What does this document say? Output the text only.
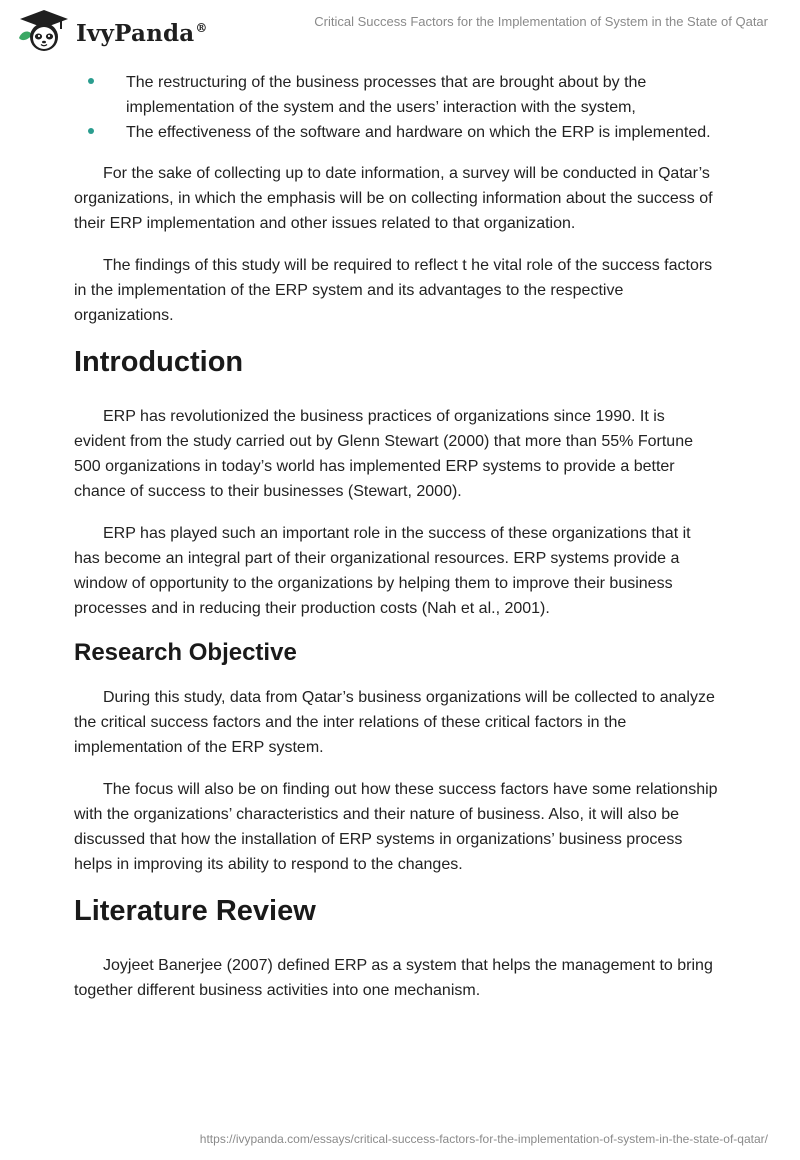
IvyPanda®	Critical Success Factors for the Implementation of System in the State of Qatar
The restructuring of the business processes that are brought about by the implementation of the system and the users’ interaction with the system,
The effectiveness of the software and hardware on which the ERP is implemented.

For the sake of collecting up to date information, a survey will be conducted in Qatar’s organizations, in which the emphasis will be on collecting information about the success of their ERP implementation and other issues related to that organization.

The findings of this study will be required to reflect t he vital role of the success factors in the implementation of the ERP system and its advantages to the respective organizations.

Introduction

ERP has revolutionized the business practices of organizations since 1990. It is evident from the study carried out by Glenn Stewart (2000) that more than 55% Fortune 500 organizations in today’s world has implemented ERP systems to provide a better chance of success to their businesses (Stewart, 2000).

ERP has played such an important role in the success of these organizations that it has become an integral part of their organizational resources. ERP systems provide a window of opportunity to the organizations by helping them to improve their business processes and in reducing their production costs (Nah et al., 2001).

Research Objective

During this study, data from Qatar’s business organizations will be collected to analyze the critical success factors and the inter relations of these critical factors in the implementation of the ERP system.

The focus will also be on finding out how these success factors have some relationship with the organizations’ characteristics and their nature of business. Also, it will also be discussed that how the installation of ERP systems in organizations’ business process helps in improving its ability to respond to the changes.

Literature Review

Joyjeet Banerjee (2007) defined ERP as a system that helps the management to bring together different business activities into one mechanism.

https://ivypanda.com/essays/critical-success-factors-for-the-implementation-of-system-in-the-state-of-qatar/
